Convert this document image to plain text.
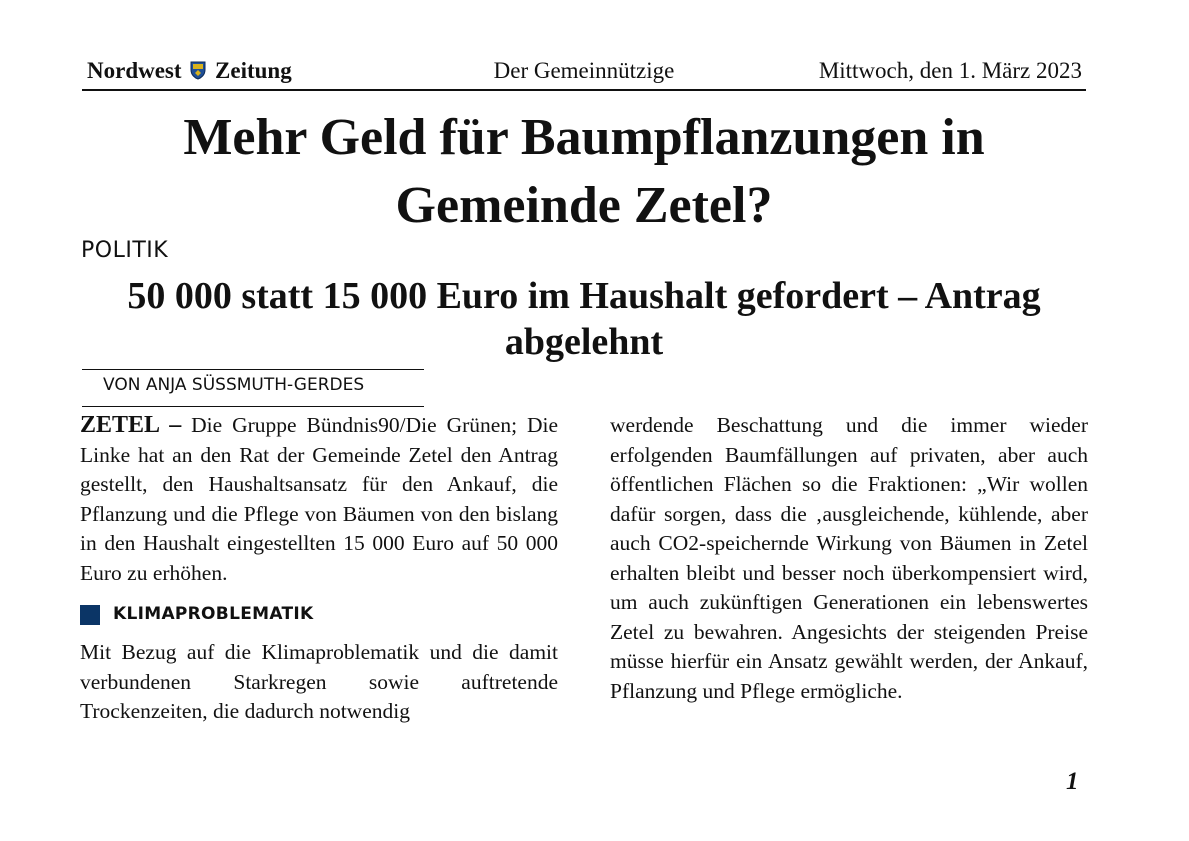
Nordwest Zeitung	Der Gemeinnützige	Mittwoch, den 1. März 2023
Mehr Geld für Baumpflanzungen in Gemeinde Zetel?
POLITIK
50 000 statt 15 000 Euro im Haushalt gefordert – Antrag abgelehnt
VON ANJA SÜSSMUTH-GERDES

ZETEL – Die Gruppe Bündnis90/Die Grünen; Die Linke hat an den Rat der Gemeinde Zetel den Antrag gestellt, den Haushaltsansatz für den Ankauf, die Pflanzung und die Pflege von Bäumen von den bislang in den Haushalt eingestellten 15 000 Euro auf 50 000 Euro zu erhöhen.

KLIMAPROBLEMATIK

Mit Bezug auf die Klimaproblematik und die damit verbundenen Starkregen sowie auftretende Trockenzeiten, die dadurch notwendig

werdende Beschattung und die immer wieder erfolgenden Baumfällungen auf privaten, aber auch öffentlichen Flächen so die Fraktionen: „Wir wollen dafür sorgen, dass die ‚ausgleichende, kühlende, aber auch CO2-speichernde Wirkung von Bäumen in Zetel erhalten bleibt und besser noch überkompensiert wird, um auch zukünftigen Generationen ein lebenswertes Zetel zu bewahren. Angesichts der steigenden Preise müsse hierfür ein Ansatz gewählt werden, der Ankauf, Pflanzung und Pflege ermögliche.

1
